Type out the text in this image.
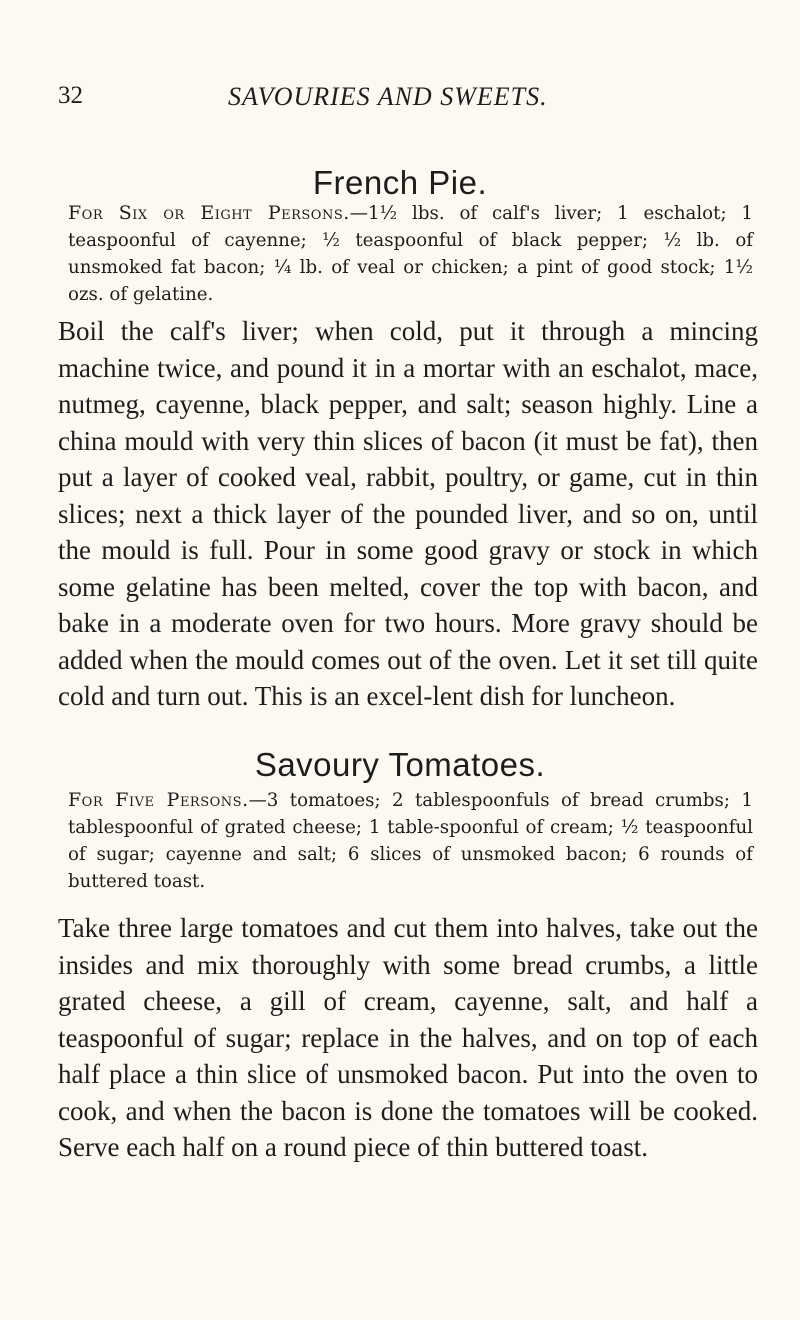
32	SAVOURIES AND SWEETS.
French Pie.
For Six or Eight Persons.—1½ lbs. of calf's liver; 1 eschalot; 1 teaspoonful of cayenne; ½ teaspoonful of black pepper; ½ lb. of unsmoked fat bacon; ¼ lb. of veal or chicken; a pint of good stock; 1½ ozs. of gelatine.
Boil the calf's liver; when cold, put it through a mincing machine twice, and pound it in a mortar with an eschalot, mace, nutmeg, cayenne, black pepper, and salt; season highly. Line a china mould with very thin slices of bacon (it must be fat), then put a layer of cooked veal, rabbit, poultry, or game, cut in thin slices; next a thick layer of the pounded liver, and so on, until the mould is full. Pour in some good gravy or stock in which some gelatine has been melted, cover the top with bacon, and bake in a moderate oven for two hours. More gravy should be added when the mould comes out of the oven. Let it set till quite cold and turn out. This is an excel-lent dish for luncheon.
Savoury Tomatoes.
For Five Persons.—3 tomatoes; 2 tablespoonfuls of bread crumbs; 1 tablespoonful of grated cheese; 1 table-spoonful of cream; ½ teaspoonful of sugar; cayenne and salt; 6 slices of unsmoked bacon; 6 rounds of buttered toast.
Take three large tomatoes and cut them into halves, take out the insides and mix thoroughly with some bread crumbs, a little grated cheese, a gill of cream, cayenne, salt, and half a teaspoonful of sugar; replace in the halves, and on top of each half place a thin slice of unsmoked bacon. Put into the oven to cook, and when the bacon is done the tomatoes will be cooked. Serve each half on a round piece of thin buttered toast.
